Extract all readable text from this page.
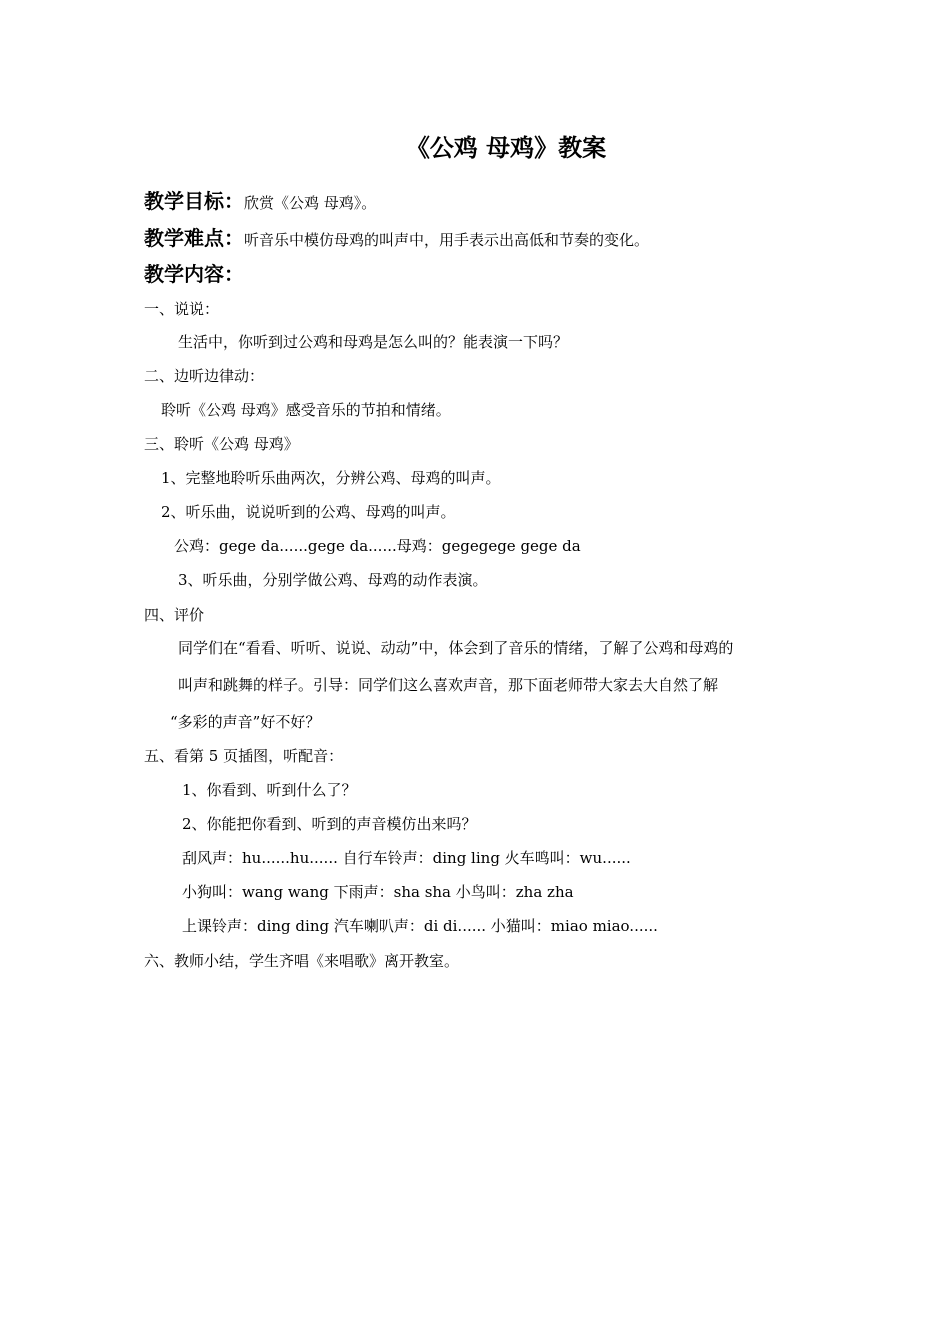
《公鸡 母鸡》教案
教学目标：欣赏《公鸡 母鸡》。
教学难点：听音乐中模仿母鸡的叫声中，用手表示出高低和节奏的变化。
教学内容：
一、说说：
生活中，你听到过公鸡和母鸡是怎么叫的？能表演一下吗？
二、边听边律动：
聆听《公鸡 母鸡》感受音乐的节拍和情绪。
三、聆听《公鸡 母鸡》
1、完整地聆听乐曲两次，分辨公鸡、母鸡的叫声。
2、听乐曲，说说听到的公鸡、母鸡的叫声。
公鸡：gege da......gege da......母鸡：gegegege gege da
3、听乐曲，分别学做公鸡、母鸡的动作表演。
四、评价
同学们在“看看、听听、说说、动动”中，体会到了音乐的情绪，了解了公鸡和母鸡的
叫声和跳舞的样子。引导：同学们这么喜欢声音，那下面老师带大家去大自然了解
“多彩的声音”好不好？
五、看第 5 页插图，听配音：
1、你看到、听到什么了？
2、你能把你看到、听到的声音模仿出来吗？
刮风声：hu......hu...... 自行车铃声：ding ling 火车鸣叫：wu......
小狗叫：wang wang 下雨声：sha sha 小鸟叫：zha zha
上课铃声：ding ding 汽车喇叭声：di di...... 小猫叫：miao miao......
六、教师小结，学生齐唱《来唱歌》离开教室。
